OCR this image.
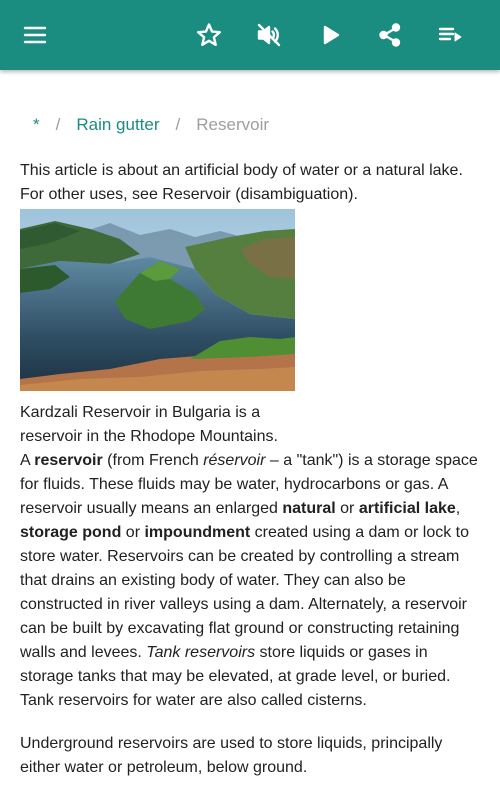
* / Rain gutter / Reservoir

This article is about an artificial body of water or a natural lake. For other uses, see Reservoir (disambiguation).

Kardzali Reservoir in Bulgaria is a reservoir in the Rhodope Mountains.

A reservoir (from French réservoir – a "tank") is a storage space for fluids. These fluids may be water, hydrocarbons or gas. A reservoir usually means an enlarged natural or artificial lake, storage pond or impoundment created using a dam or lock to store water. Reservoirs can be created by controlling a stream that drains an existing body of water. They can also be constructed in river valleys using a dam. Alternately, a reservoir can be built by excavating flat ground or constructing retaining walls and levees. Tank reservoirs store liquids or gases in storage tanks that may be elevated, at grade level, or buried. Tank reservoirs for water are also called cisterns.

Underground reservoirs are used to store liquids, principally either water or petroleum, below ground.
